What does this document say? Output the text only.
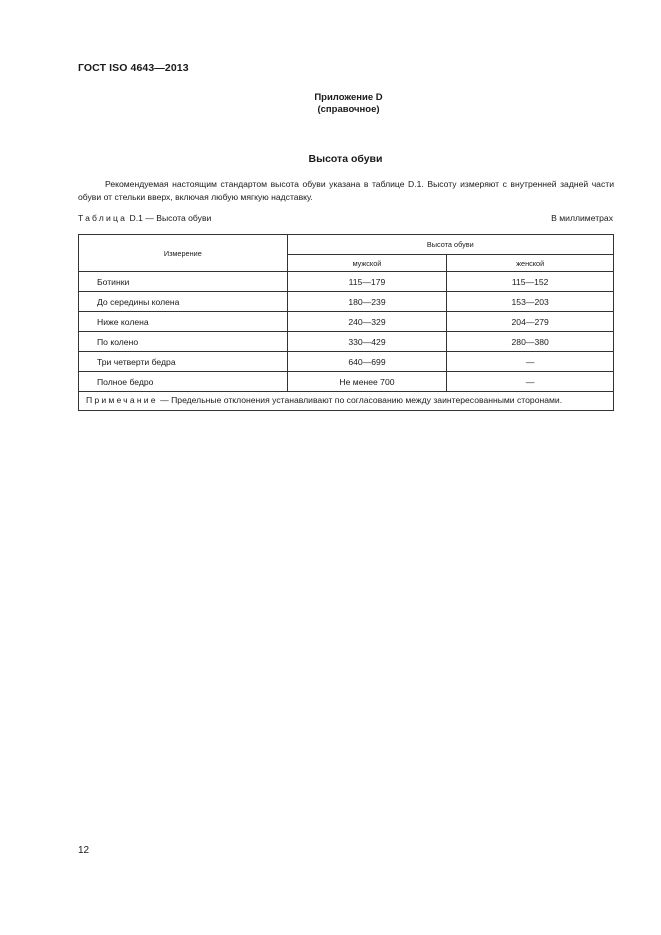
ГОСТ ISO 4643—2013
Приложение D
(справочное)
Высота обуви

Рекомендуемая настоящим стандартом высота обуви указана в таблице D.1. Высоту измеряют с внутренней задней части обуви от стельки вверх, включая любую мягкую надставку.

Таблица D.1 — Высота обуви	В миллиметрах
Измерение	Высота обуви	
	мужской	женской
Ботинки	115—179	115—152
До середины колена	180—239	153—203
Ниже колена	240—329	204—279
По колено	330—429	280—380
Три четверти бедра	640—699	—
Полное бедро	Не менее 700	—
Примечание — Предельные отклонения устанавливают по согласованию между заинтересованными сторонами.		
12
